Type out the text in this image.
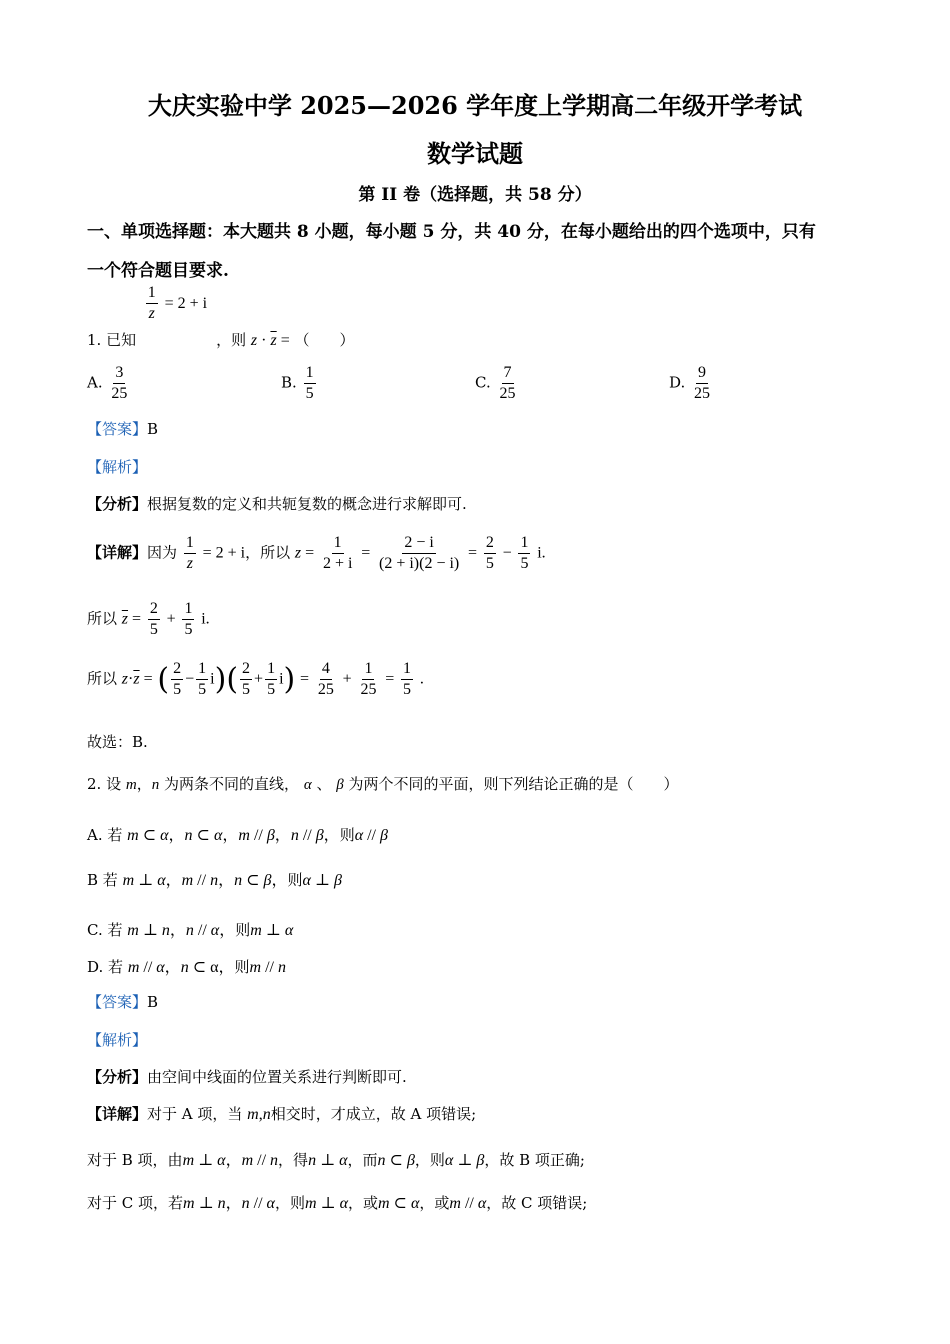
大庆实验中学 2025—2026 学年度上学期高二年级开学考试
数学试题
第 II 卷（选择题，共 58 分）
一、单项选择题：本大题共 8 小题，每小题 5 分，共 40 分，在每小题给出的四个选项中，只有
一个符合题目要求.

$\frac{1}{z} = 2 + i$
1. 已知	，则 $z \cdot \overline{z}$ = （　　）
A. $\frac{3}{25}$	B. $\frac{1}{5}$	C. $\frac{7}{25}$	D. $\frac{9}{25}$
【答案】B
【解析】
【分析】根据复数的定义和共轭复数的概念进行求解即可.
【详解】因为 $\frac{1}{z} = 2 + i$，所以 $z = \frac{1}{2 + i} = \frac{2 - i}{(2 + i)(2 - i)} = \frac{2}{5} - \frac{1}{5} i$.
所以 $\overline{z} = \frac{2}{5} + \frac{1}{5} i$.
所以 $z\cdot\overline{z}$ = ( $\frac{2}{5} - \frac{1}{5} i)( \frac{2}{5} + \frac{1}{5} i) = \frac{4}{25} + \frac{1}{25} = \frac{1}{5}$ .
故选：B.
2. 设 m，n 为两条不同的直线， α 、 β 为两个不同的平面，则下列结论正确的是（　　）
A. 若 m ⊂ α，n ⊂ α，m // β，n // β，则α // β
B 若 m ⊥ α，m // n，n ⊂ β，则α ⊥ β
C. 若 m ⊥ n，n // α，则m ⊥ α
D. 若 m // α，n ⊂ α，则m // n
【答案】B
【解析】
【分析】由空间中线面的位置关系进行判断即可.
【详解】对于 A 项，当 m,n相交时，才成立，故 A 项错误;
对于 B 项，由m ⊥ α，m // n，得n ⊥ α，而n ⊂ β，则α ⊥ β，故 B 项正确;
对于 C 项，若m ⊥ n，n // α，则m ⊥ α，或m ⊂ α，或m // α，故 C 项错误;
